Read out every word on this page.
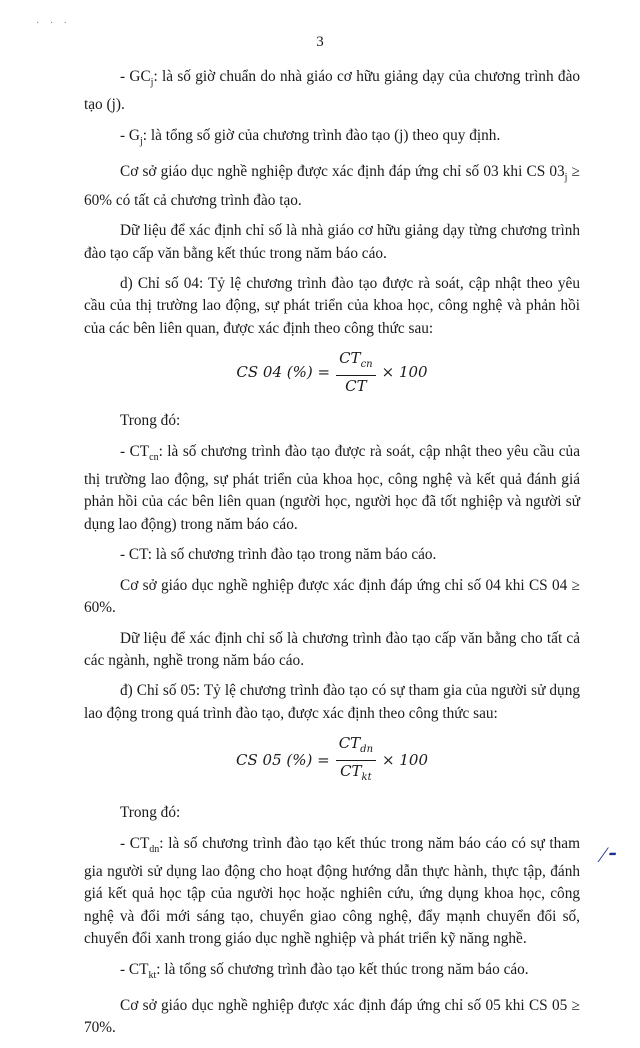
· · ·
3

- $GC_j$: là số giờ chuẩn do nhà giáo cơ hữu giảng dạy của chương trình đào tạo (j).

- $G_j$: là tổng số giờ của chương trình đào tạo (j) theo quy định.

Cơ sở giáo dục nghề nghiệp được xác định đáp ứng chỉ số 03 khi CS $03_j \ge 60\%$ có tất cả chương trình đào tạo.

Dữ liệu để xác định chỉ số là nhà giáo cơ hữu giảng dạy từng chương trình đào tạo cấp văn bằng kết thúc trong năm báo cáo.

d) Chỉ số 04: Tỷ lệ chương trình đào tạo được rà soát, cập nhật theo yêu cầu của thị trường lao động, sự phát triển của khoa học, công nghệ và phản hồi của các bên liên quan, được xác định theo công thức sau:

CS 04 (%) = $\frac{CT_{cn}}{CT} \times 100$

Trong đó:

- $CT_{cn}$: là số chương trình đào tạo được rà soát, cập nhật theo yêu cầu của thị trường lao động, sự phát triển của khoa học, công nghệ và kết quả đánh giá phản hồi của các bên liên quan (người học, người học đã tốt nghiệp và người sử dụng lao động) trong năm báo cáo.

- CT: là số chương trình đào tạo trong năm báo cáo.

Cơ sở giáo dục nghề nghiệp được xác định đáp ứng chỉ số 04 khi CS 04 ≥ 60%.

Dữ liệu để xác định chỉ số là chương trình đào tạo cấp văn bằng cho tất cả các ngành, nghề trong năm báo cáo.

đ) Chỉ số 05: Tỷ lệ chương trình đào tạo có sự tham gia của người sử dụng lao động trong quá trình đào tạo, được xác định theo công thức sau:

CS 05 (%) = $\frac{CT_{dn}}{CT_{kt}} \times 100$

Trong đó:

- $CT_{dn}$: là số chương trình đào tạo kết thúc trong năm báo cáo có sự tham gia người sử dụng lao động cho hoạt động hướng dẫn thực hành, thực tập, đánh giá kết quả học tập của người học hoặc nghiên cứu, ứng dụng khoa học, công nghệ và đổi mới sáng tạo, chuyển giao công nghệ, đẩy mạnh chuyển đổi số, chuyển đổi xanh trong giáo dục nghề nghiệp và phát triển kỹ năng nghề.

- $CT_{kt}$: là tổng số chương trình đào tạo kết thúc trong năm báo cáo.

Cơ sở giáo dục nghề nghiệp được xác định đáp ứng chỉ số 05 khi CS 05 ≥ 70%.

⁄⁃
